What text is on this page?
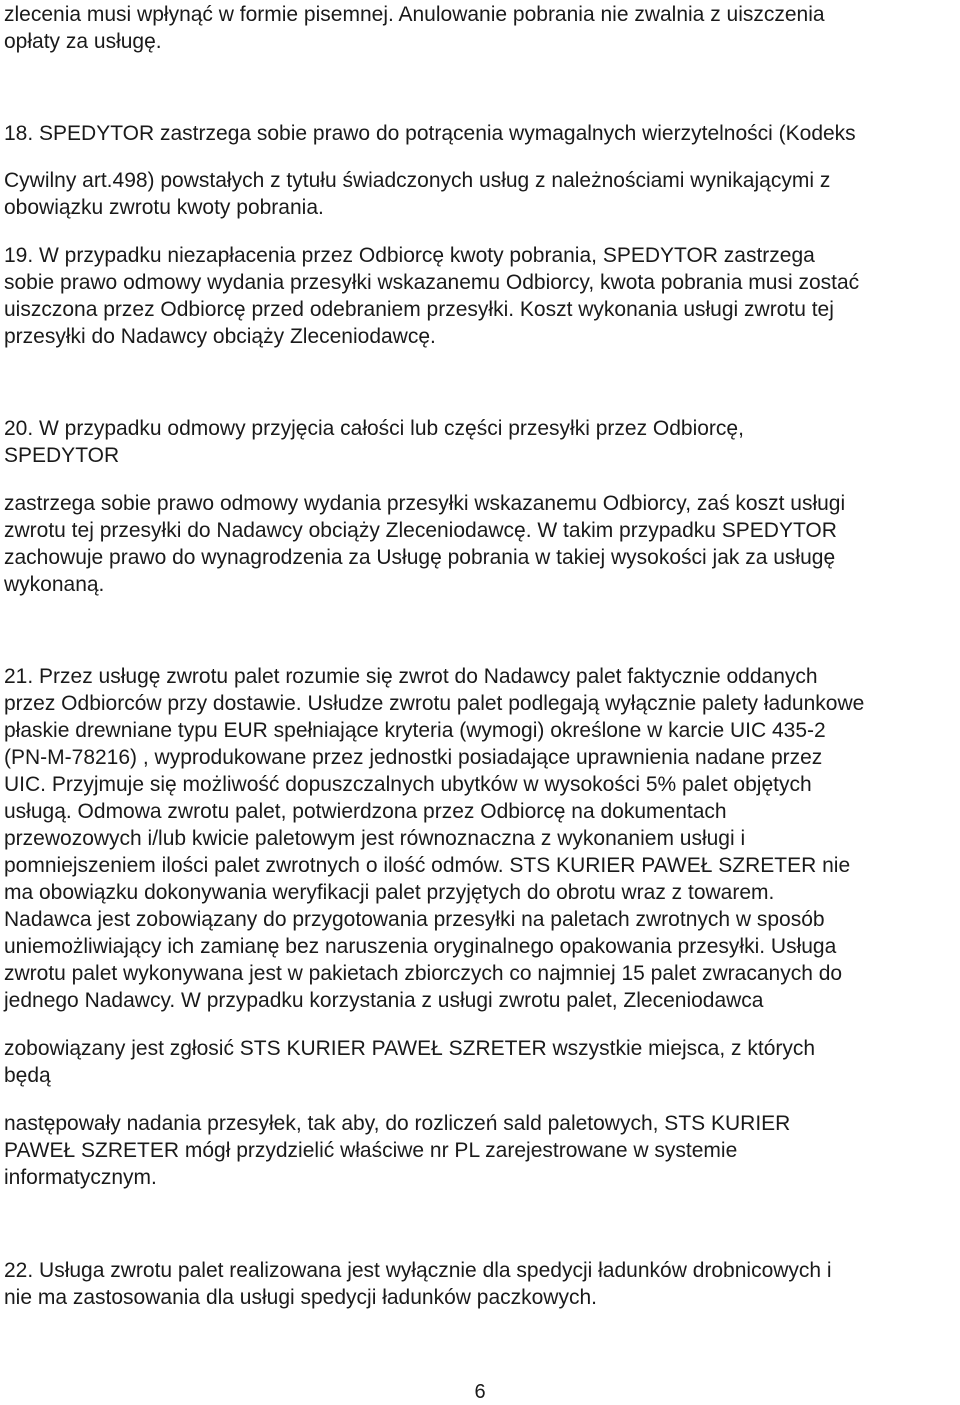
zlecenia musi wpłynąć w formie pisemnej. Anulowanie pobrania nie zwalnia z uiszczenia

opłaty za usługę.

18. SPEDYTOR zastrzega sobie prawo do potrącenia wymagalnych wierzytelności (Kodeks

Cywilny art.498) powstałych z tytułu świadczonych usług z należnościami wynikającymi z

obowiązku zwrotu kwoty pobrania.

19. W przypadku niezapłacenia przez Odbiorcę kwoty pobrania, SPEDYTOR zastrzega

sobie prawo odmowy wydania przesyłki wskazanemu Odbiorcy, kwota pobrania musi zostać

uiszczona przez Odbiorcę przed odebraniem przesyłki. Koszt wykonania usługi zwrotu tej

przesyłki do Nadawcy obciąży Zleceniodawcę.

20. W przypadku odmowy przyjęcia całości lub części przesyłki przez Odbiorcę,

SPEDYTOR

zastrzega sobie prawo odmowy wydania przesyłki wskazanemu Odbiorcy, zaś koszt usługi

zwrotu tej przesyłki do Nadawcy obciąży Zleceniodawcę. W takim przypadku SPEDYTOR

zachowuje prawo do wynagrodzenia za Usługę pobrania w takiej wysokości jak za usługę

wykonaną.

21. Przez usługę zwrotu palet rozumie się zwrot do Nadawcy palet faktycznie oddanych

przez Odbiorców przy dostawie. Usłudze zwrotu palet podlegają wyłącznie palety ładunkowe

płaskie drewniane typu EUR spełniające kryteria (wymogi) określone w karcie UIC 435-2

(PN-M-78216) , wyprodukowane przez jednostki posiadające uprawnienia nadane przez

UIC. Przyjmuje się możliwość dopuszczalnych ubytków w wysokości 5% palet objętych

usługą. Odmowa zwrotu palet, potwierdzona przez Odbiorcę na dokumentach

przewozowych i/lub kwicie paletowym jest równoznaczna z wykonaniem usługi i

pomniejszeniem ilości palet zwrotnych o ilość odmów. STS KURIER PAWEŁ SZRETER nie

ma obowiązku dokonywania weryfikacji palet przyjętych do obrotu wraz z towarem.

Nadawca jest zobowiązany do przygotowania przesyłki na paletach zwrotnych w sposób

uniemożliwiający ich zamianę bez naruszenia oryginalnego opakowania przesyłki. Usługa

zwrotu palet wykonywana jest w pakietach zbiorczych co najmniej 15 palet zwracanych do

jednego Nadawcy. W przypadku korzystania z usługi zwrotu palet, Zleceniodawca

zobowiązany jest zgłosić STS KURIER PAWEŁ SZRETER wszystkie miejsca, z których

będą

następowały nadania przesyłek, tak aby, do rozliczeń sald paletowych, STS KURIER

PAWEŁ SZRETER mógł przydzielić właściwe nr PL zarejestrowane w systemie

informatycznym.

22. Usługa zwrotu palet realizowana jest wyłącznie dla spedycji ładunków drobnicowych i

nie ma zastosowania dla usługi spedycji ładunków paczkowych.

6
